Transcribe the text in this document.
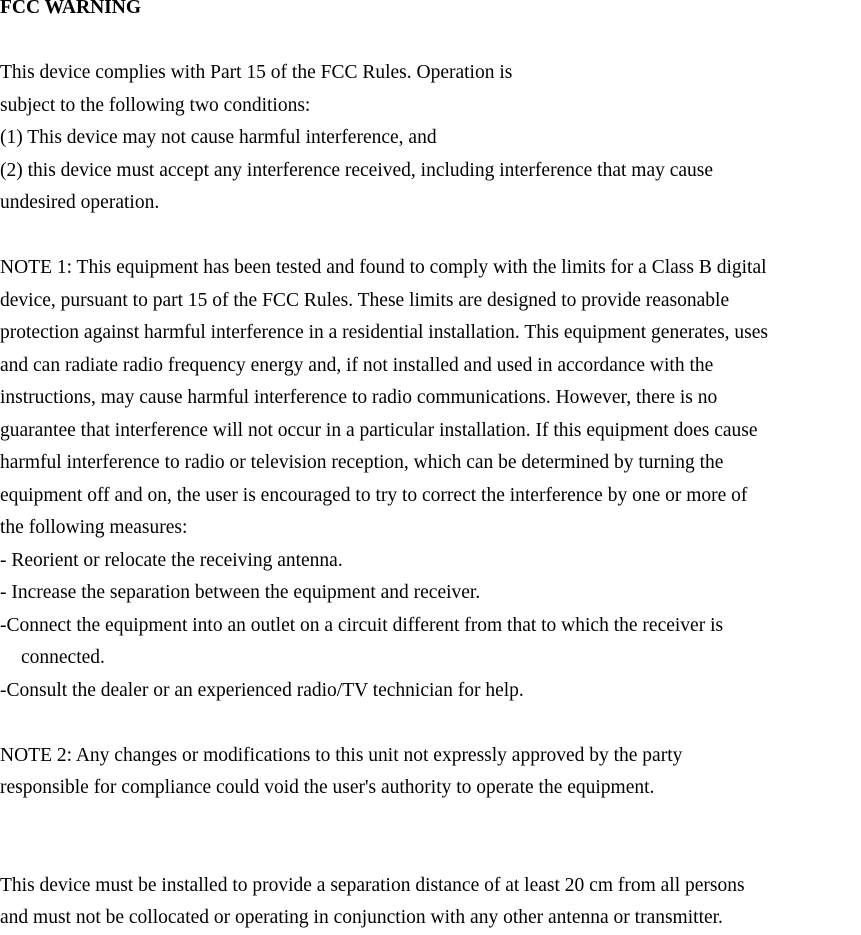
FCC WARNING
This device complies with Part 15 of the FCC Rules. Operation is
subject to the following two conditions:
(1) This device may not cause harmful interference, and
(2) this device must accept any interference received, including interference that may cause
undesired operation.
NOTE 1: This equipment has been tested and found to comply with the limits for a Class B digital
device, pursuant to part 15 of the FCC Rules. These limits are designed to provide reasonable
protection against harmful interference in a residential installation. This equipment generates, uses
and can radiate radio frequency energy and, if not installed and used in accordance with the
instructions, may cause harmful interference to radio communications. However, there is no
guarantee that interference will not occur in a particular installation. If this equipment does cause
harmful interference to radio or television reception, which can be determined by turning the
equipment off and on, the user is encouraged to try to correct the interference by one or more of
the following measures:
- Reorient or relocate the receiving antenna.
- Increase the separation between the equipment and receiver.
-Connect the equipment into an outlet on a circuit different from that to which the receiver is
connected.
-Consult the dealer or an experienced radio/TV technician for help.
NOTE 2: Any changes or modifications to this unit not expressly approved by the party
responsible for compliance could void the user's authority to operate the equipment.
This device must be installed to provide a separation distance of at least 20 cm from all persons
and must not be collocated or operating in conjunction with any other antenna or transmitter.
